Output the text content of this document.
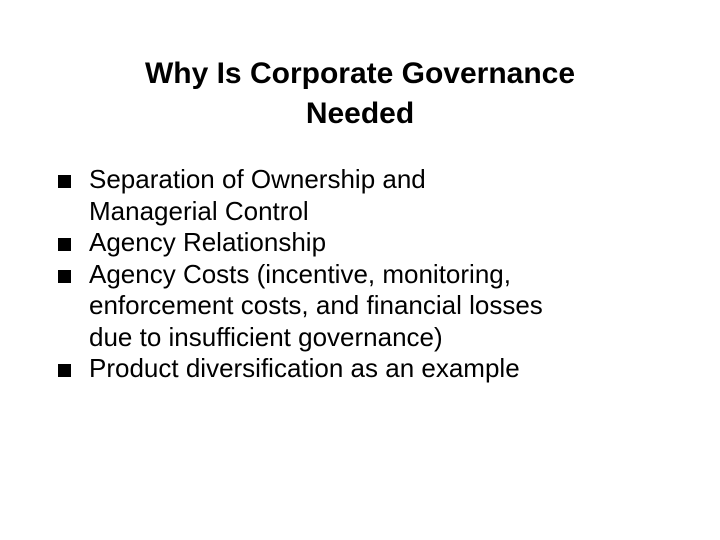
Why Is Corporate Governance
Needed
Separation of Ownership and
Managerial Control
Agency Relationship
Agency Costs (incentive, monitoring,
enforcement costs, and financial losses
due to insufficient governance)
Product diversification as an example
